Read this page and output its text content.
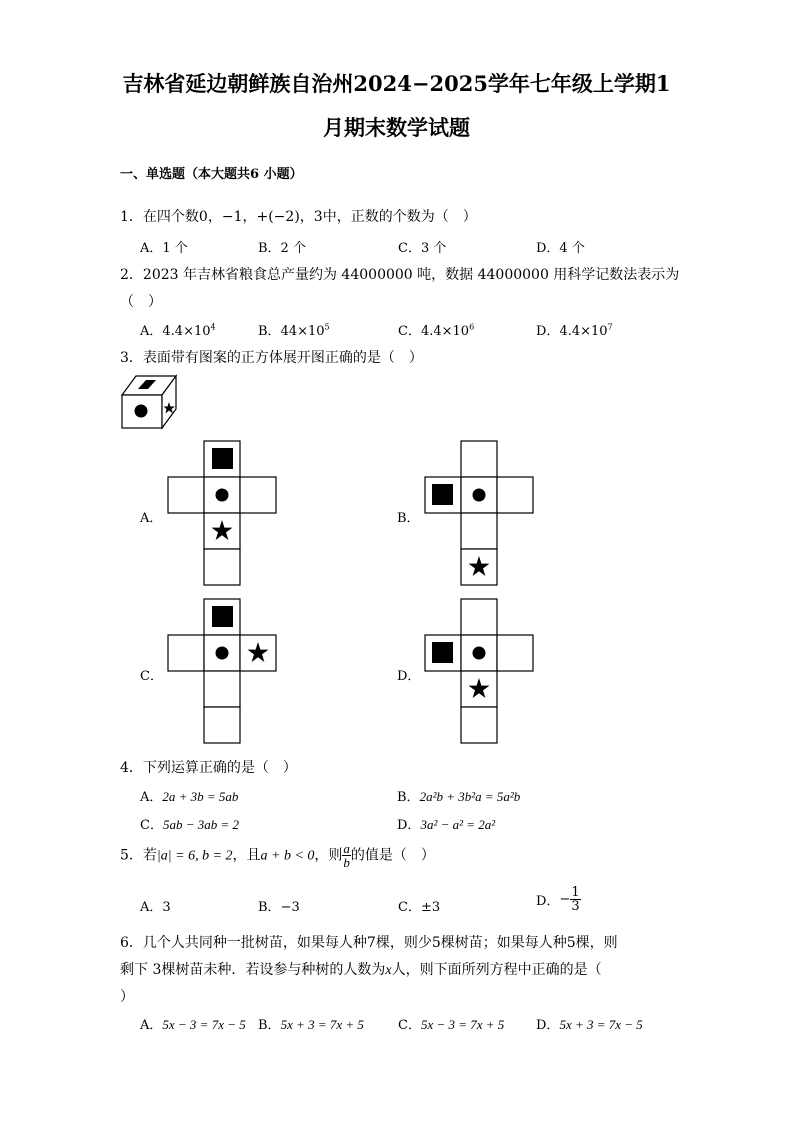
吉林省延边朝鲜族自治州2024−2025学年七年级上学期1
月期末数学试题
一、单选题（本大题共6 小题）
1．在四个数0，−1，+(−2)，3中，正数的个数为（　）
A．1 个	B．2 个	C．3 个	D．4 个
2．2023 年吉林省粮食总产量约为 44000000 吨，数据 44000000 用科学记数法表示为
（　）
A．$4.4\times 10^4$	B．$44\times 10^5$	C．$4.4\times 10^6$	D．$4.4\times 10^7$
3．表面带有图案的正方体展开图正确的是（　）
A．	B．
C．	D．
4．下列运算正确的是（　）
A．2a + 3b = 5ab	B．2a²b + 3b²a = 5a²b
C．5ab − 3ab = 2	D．3a² − a² = 2a²
5．若|a| = 6, b = 2，且a + b < 0，则 $\frac{a}{b}$ 的值是（　）
A．3	B．−3	C．±3	D．− $\frac{1}{3}$
6．几个人共同种一批树苗，如果每人种7棵，则少5棵树苗；如果每人种5棵，则
剩下 3棵树苗未种．若设参与种树的人数为x人，则下面所列方程中正确的是（
）
A．5x − 3 = 7x − 5 B．5x + 3 = 7x + 5	C．5x − 3 = 7x + 5 D．5x + 3 = 7x − 5
